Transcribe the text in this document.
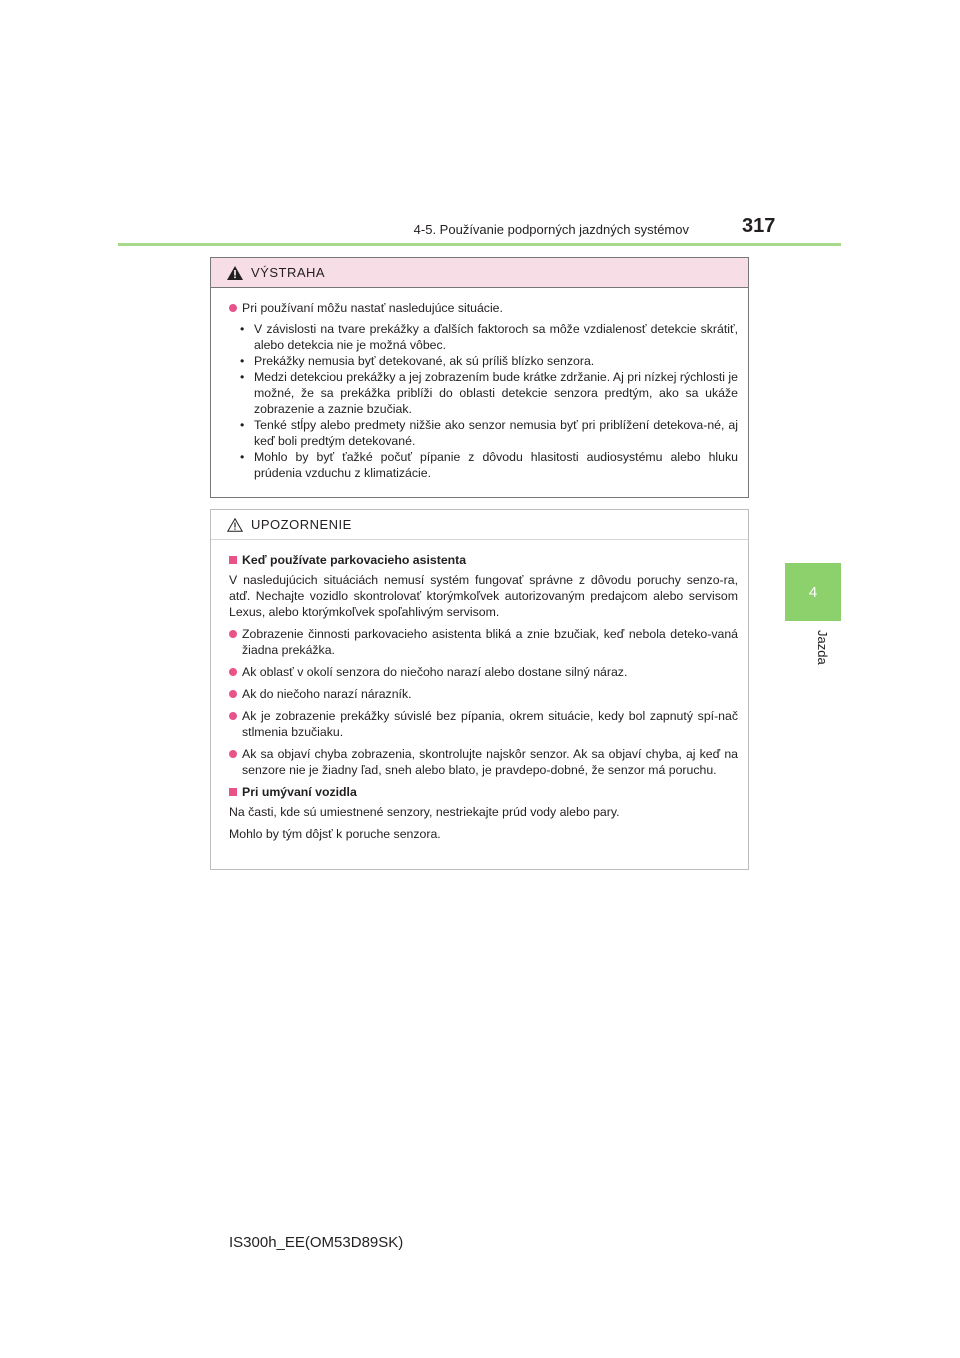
4-5. Používanie podporných jazdných systémov	317
4
Jazda
VÝSTRAHA
Pri používaní môžu nastať nasledujúce situácie.
• V závislosti na tvare prekážky a ďalších faktoroch sa môže vzdialenosť detekcie skrátiť, alebo detekcia nie je možná vôbec.
• Prekážky nemusia byť detekované, ak sú príliš blízko senzora.
• Medzi detekciou prekážky a jej zobrazením bude krátke zdržanie. Aj pri nízkej rýchlosti je možné, že sa prekážka priblíži do oblasti detekcie senzora predtým, ako sa ukáže zobrazenie a zaznie bzučiak.
• Tenké stĺpy alebo predmety nižšie ako senzor nemusia byť pri priblížení detekova-né, aj keď boli predtým detekované.
• Mohlo by byť ťažké počuť pípanie z dôvodu hlasitosti audiosystému alebo hluku prúdenia vzduchu z klimatizácie.
UPOZORNENIE
Keď používate parkovacieho asistenta
V nasledujúcich situáciách nemusí systém fungovať správne z dôvodu poruchy senzo-ra, atď. Nechajte vozidlo skontrolovať ktorýmkoľvek autorizovaným predajcom alebo servisom Lexus, alebo ktorýmkoľvek spoľahlivým servisom.
Zobrazenie činnosti parkovacieho asistenta bliká a znie bzučiak, keď nebola deteko-vaná žiadna prekážka.
Ak oblasť v okolí senzora do niečoho narazí alebo dostane silný náraz.
Ak do niečoho narazí nárazník.
Ak je zobrazenie prekážky súvislé bez pípania, okrem situácie, kedy bol zapnutý spí-nač stlmenia bzučiaku.
Ak sa objaví chyba zobrazenia, skontrolujte najskôr senzor. Ak sa objaví chyba, aj keď na senzore nie je žiadny ľad, sneh alebo blato, je pravdepo-dobné, že senzor má poruchu.
Pri umývaní vozidla
Na časti, kde sú umiestnené senzory, nestriekajte prúd vody alebo pary.
Mohlo by tým dôjsť k poruche senzora.
IS300h_EE(OM53D89SK)
